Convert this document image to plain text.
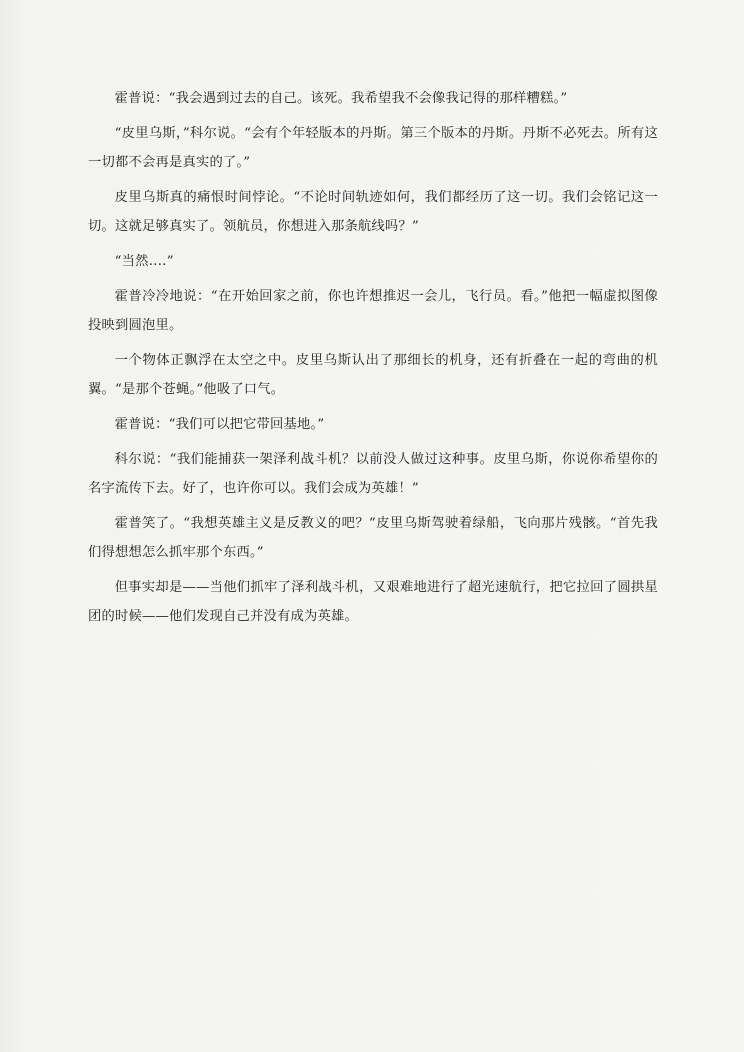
霍普说：“我会遇到过去的自己。该死。我希望我不会像我记得的那样糟糕。”

“皮里乌斯，”科尔说。“会有个年轻版本的丹斯。第三个版本的丹斯。丹斯不必死去。所有这一切都不会再是真实的了。”

皮里乌斯真的痛恨时间悖论。“不论时间轨迹如何，我们都经历了这一切。我们会铭记这一切。这就足够真实了。领航员，你想进入那条航线吗？”

“当然‥‥”

霍普冷冷地说：“在开始回家之前，你也许想推迟一会儿，飞行员。看。”他把一幅虚拟图像投映到圆泡里。

一个物体正飘浮在太空之中。皮里乌斯认出了那细长的机身，还有折叠在一起的弯曲的机翼。“是那个苍蝇。”他吸了口气。

霍普说：“我们可以把它带回基地。”

科尔说：“我们能捕获一架泽利战斗机？以前没人做过这种事。皮里乌斯，你说你希望你的名字流传下去。好了，也许你可以。我们会成为英雄！”

霍普笑了。“我想英雄主义是反教义的吧？”皮里乌斯驾驶着绿船，飞向那片残骸。“首先我们得想想怎么抓牢那个东西。”

但事实却是——当他们抓牢了泽利战斗机，又艰难地进行了超光速航行，把它拉回了圆拱星团的时候——他们发现自己并没有成为英雄。
